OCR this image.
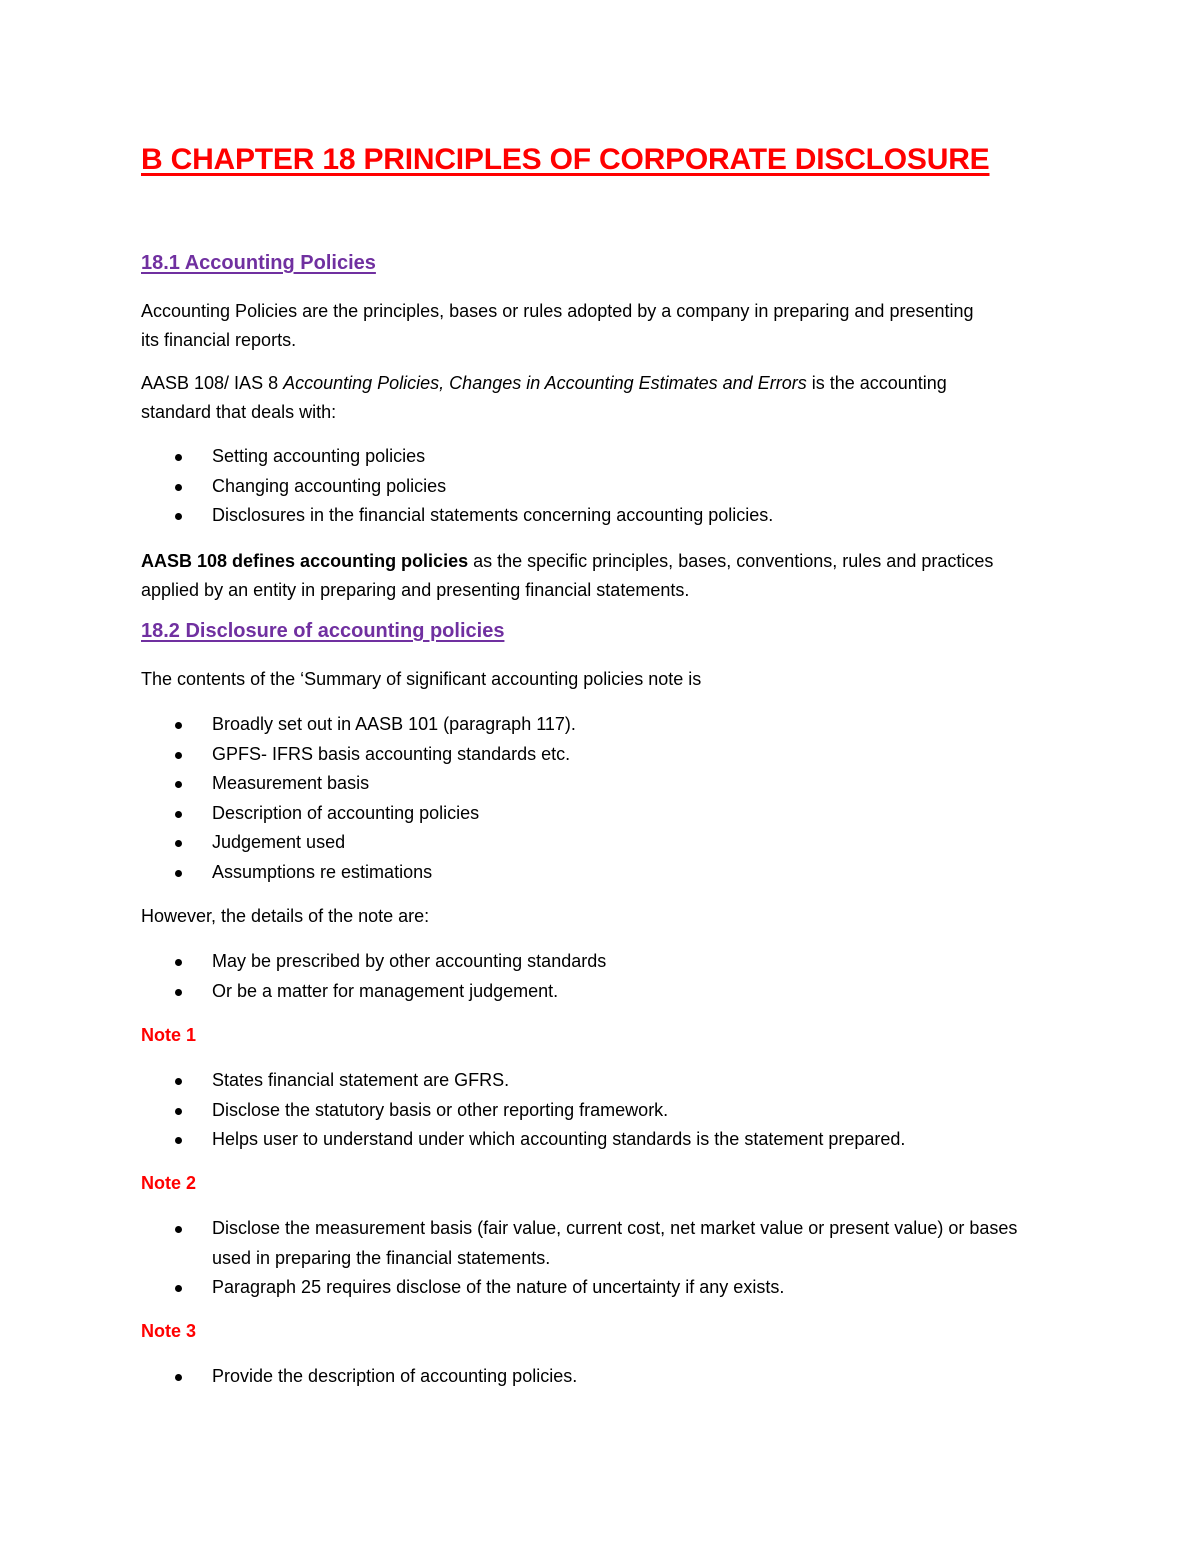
B CHAPTER 18 PRINCIPLES OF CORPORATE DISCLOSURE
18.1 Accounting Policies

Accounting Policies are the principles, bases or rules adopted by a company in preparing and presenting
its financial reports.

AASB 108/ IAS 8 Accounting Policies, Changes in Accounting Estimates and Errors is the accounting
standard that deals with:

Setting accounting policies
Changing accounting policies
Disclosures in the financial statements concerning accounting policies.

AASB 108 defines accounting policies as the specific principles, bases, conventions, rules and practices
applied by an entity in preparing and presenting financial statements.

18.2 Disclosure of accounting policies

The contents of the ‘Summary of significant accounting policies note is

Broadly set out in AASB 101 (paragraph 117).
GPFS- IFRS basis accounting standards etc.
Measurement basis
Description of accounting policies
Judgement used
Assumptions re estimations

However, the details of the note are:

May be prescribed by other accounting standards
Or be a matter for management judgement.

Note 1

States financial statement are GFRS.
Disclose the statutory basis or other reporting framework.
Helps user to understand under which accounting standards is the statement prepared.

Note 2

Disclose the measurement basis (fair value, current cost, net market value or present value) or bases used in preparing the financial statements.
Paragraph 25 requires disclose of the nature of uncertainty if any exists.

Note 3

Provide the description of accounting policies.
